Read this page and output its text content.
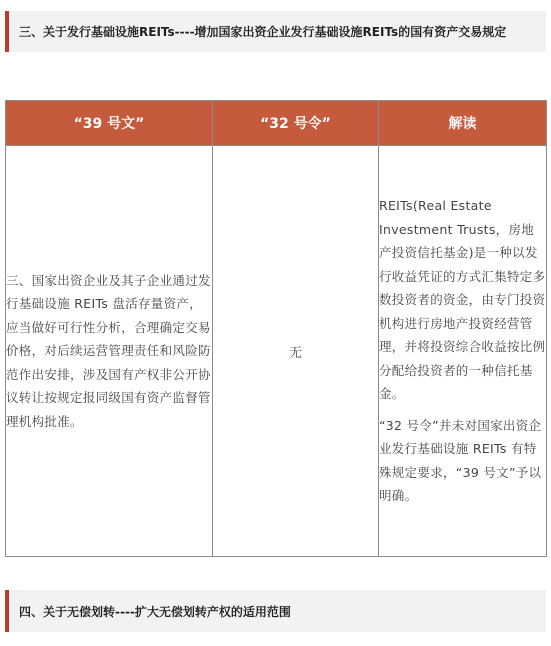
三、关于发行基础设施REITs----增加国家出资企业发行基础设施REITs的国有资产交易规定
“39 号文”	“32 号令”	解读
三、国家出资企业及其子企业通过发行基础设施 REITs 盘活存量资产，应当做好可行性分析，合理确定交易价格，对后续运营管理责任和风险防范作出安排，涉及国有产权非公开协议转让按规定报同级国有资产监督管理机构批准。	无	REITs(Real Estate Investment Trusts，房地产投资信托基金)是一种以发行收益凭证的方式汇集特定多数投资者的资金，由专门投资机构进行房地产投资经营管理，并将投资综合收益按比例分配给投资者的一种信托基金。

“32 号令”并未对国家出资企业发行基础设施 REITs 有特殊规定要求，“39 号文”予以明确。

四、关于无偿划转----扩大无偿划转产权的适用范围
